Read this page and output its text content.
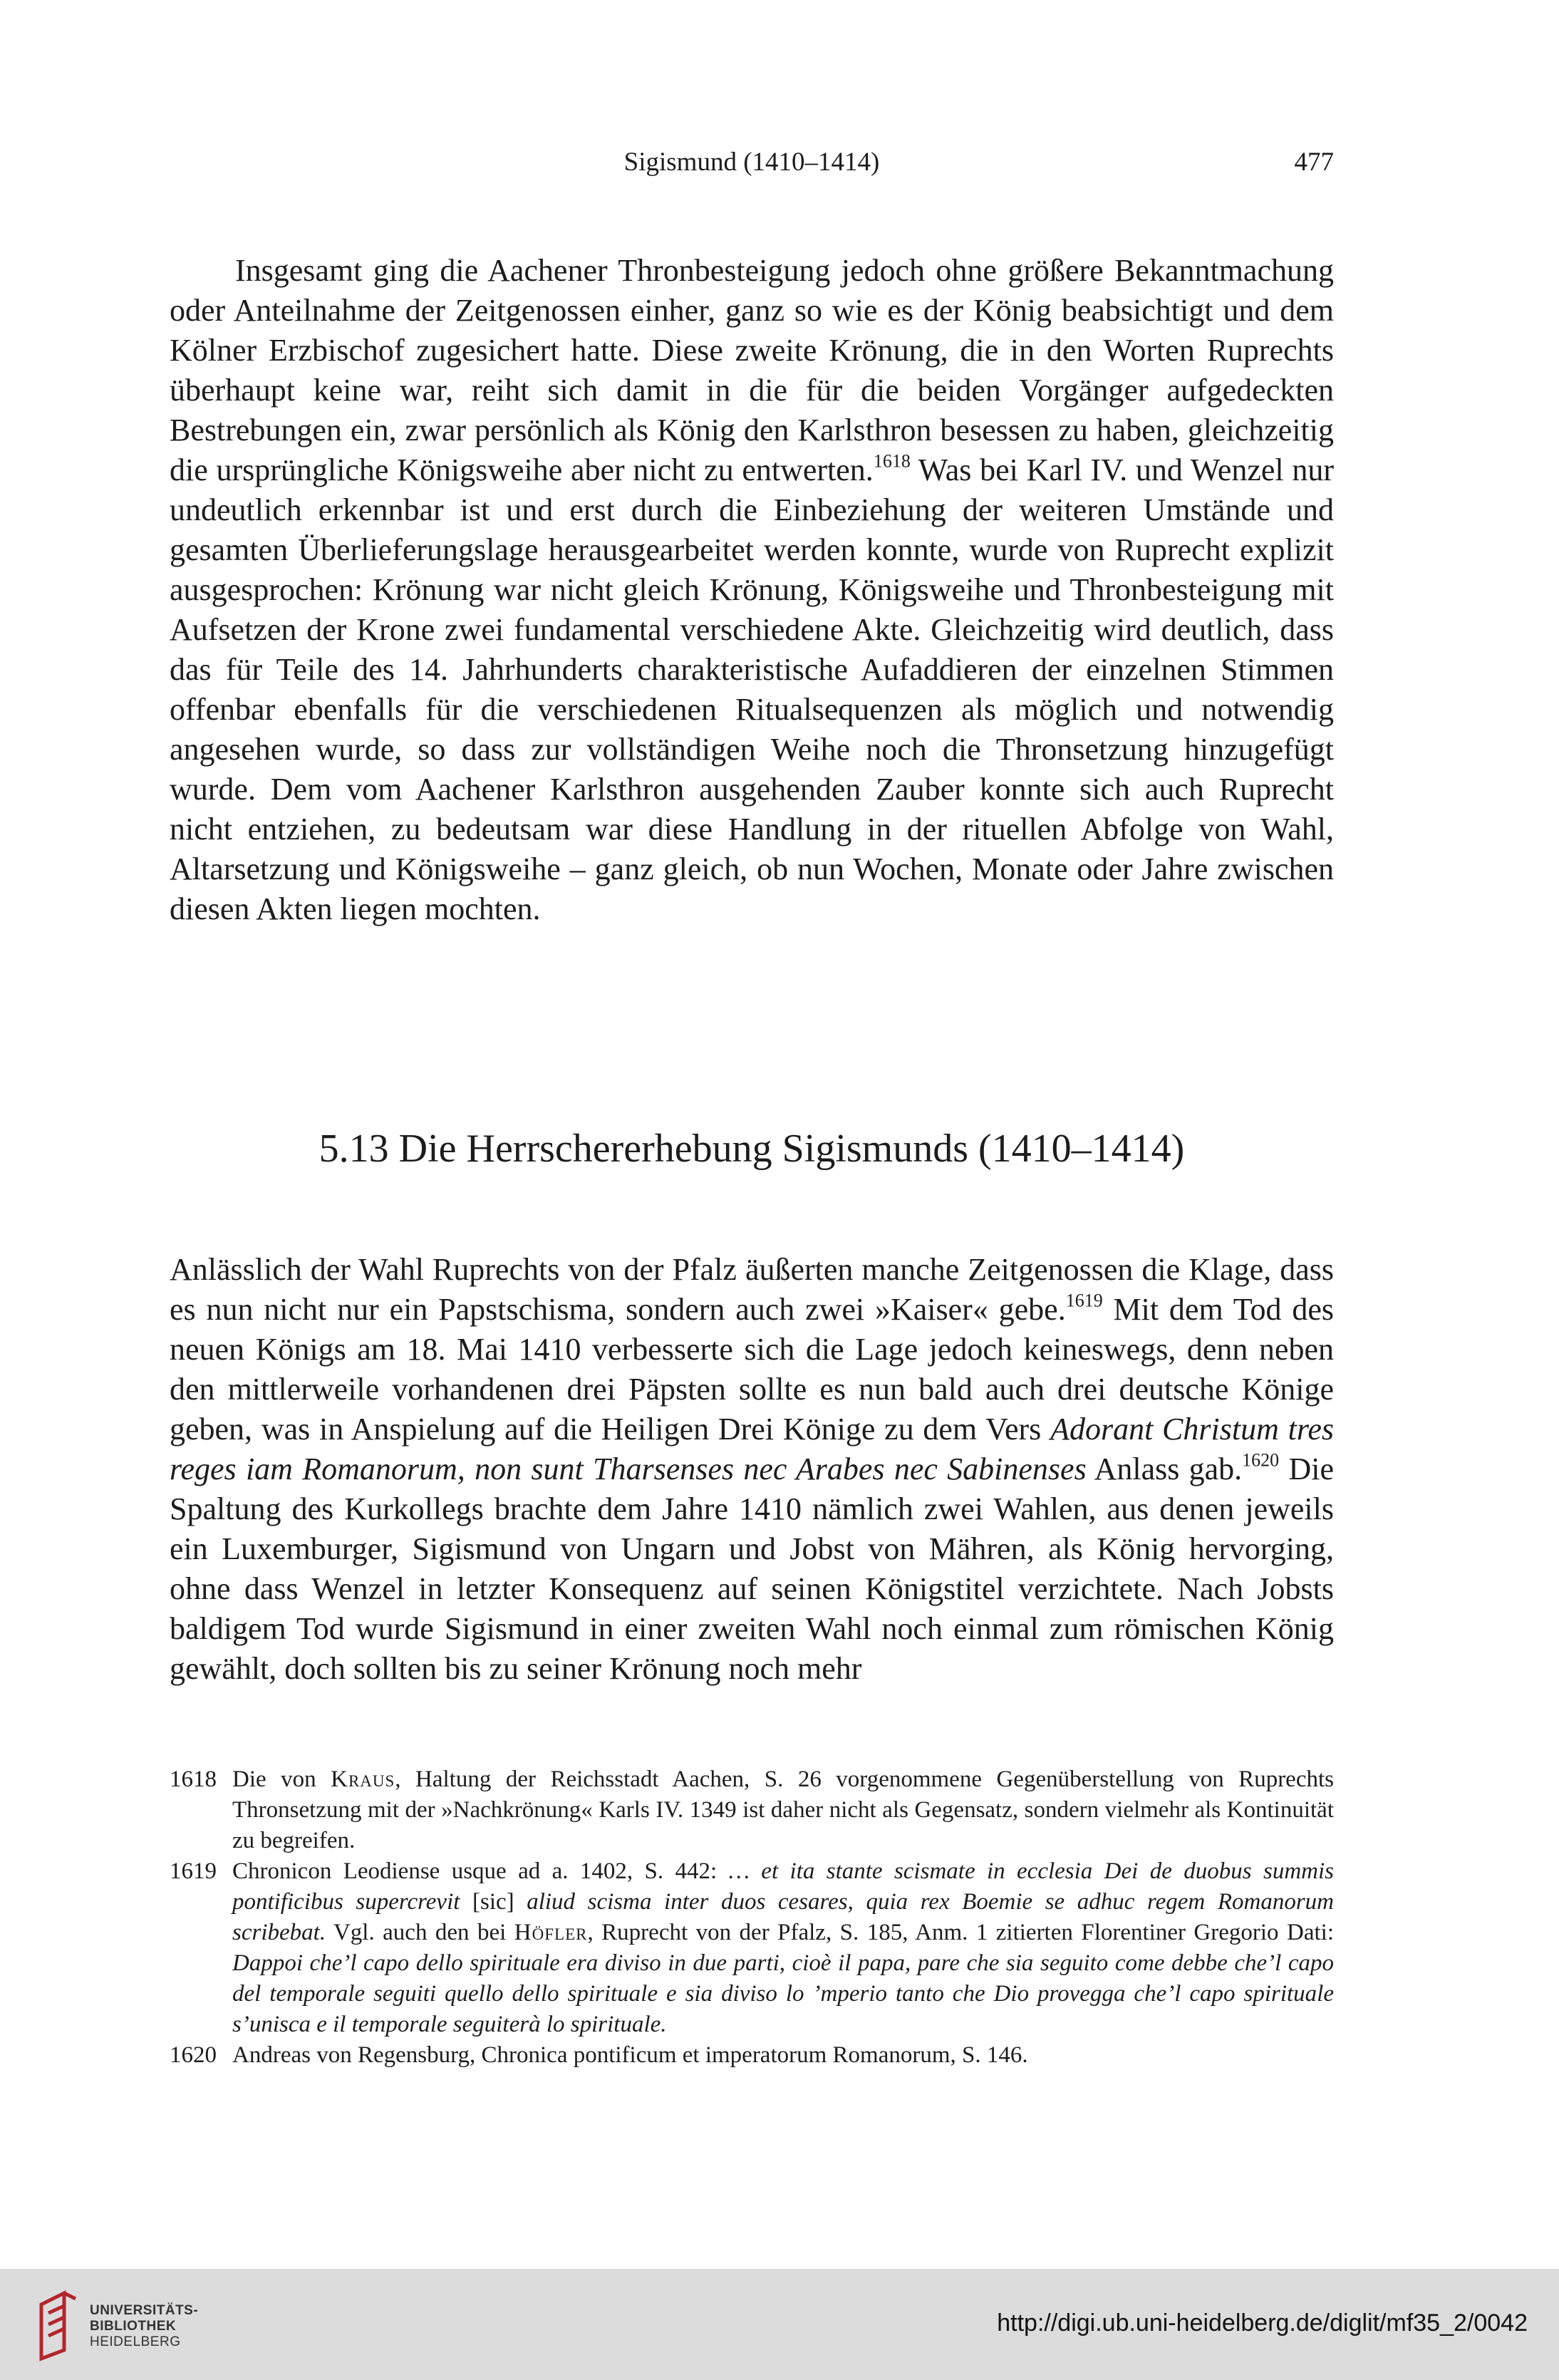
Sigismund (1410–1414)	477

Insgesamt ging die Aachener Thronbesteigung jedoch ohne größere Bekanntmachung oder Anteilnahme der Zeitgenossen einher, ganz so wie es der König beabsichtigt und dem Kölner Erzbischof zugesichert hatte. Diese zweite Krönung, die in den Worten Ruprechts überhaupt keine war, reiht sich damit in die für die beiden Vorgänger aufgedeckten Bestrebungen ein, zwar persönlich als König den Karlsthron besessen zu haben, gleichzeitig die ursprüngliche Königsweihe aber nicht zu entwerten.$^{1618}$ Was bei Karl IV. und Wenzel nur undeutlich erkennbar ist und erst durch die Einbeziehung der weiteren Umstände und gesamten Überlieferungslage herausgearbeitet werden konnte, wurde von Ruprecht explizit ausgesprochen: Krönung war nicht gleich Krönung, Königsweihe und Thronbesteigung mit Aufsetzen der Krone zwei fundamental verschiedene Akte. Gleichzeitig wird deutlich, dass das für Teile des 14. Jahrhunderts charakteristische Aufaddieren der einzelnen Stimmen offenbar ebenfalls für die verschiedenen Ritualsequenzen als möglich und notwendig angesehen wurde, so dass zur vollständigen Weihe noch die Thronsetzung hinzugefügt wurde. Dem vom Aachener Karlsthron ausgehenden Zauber konnte sich auch Ruprecht nicht entziehen, zu bedeutsam war diese Handlung in der rituellen Abfolge von Wahl, Altarsetzung und Königsweihe – ganz gleich, ob nun Wochen, Monate oder Jahre zwischen diesen Akten liegen mochten.

5.13 Die Herrschererhebung Sigismunds (1410–1414)

Anlässlich der Wahl Ruprechts von der Pfalz äußerten manche Zeitgenossen die Klage, dass es nun nicht nur ein Papstschisma, sondern auch zwei »Kaiser« gebe.$^{1619}$ Mit dem Tod des neuen Königs am 18. Mai 1410 verbesserte sich die Lage jedoch keineswegs, denn neben den mittlerweile vorhandenen drei Päpsten sollte es nun bald auch drei deutsche Könige geben, was in Anspielung auf die Heiligen Drei Könige zu dem Vers Adorant Christum tres reges iam Romanorum, non sunt Tharsenses nec Arabes nec Sabinenses Anlass gab.$^{1620}$ Die Spaltung des Kurkollegs brachte dem Jahre 1410 nämlich zwei Wahlen, aus denen jeweils ein Luxemburger, Sigismund von Ungarn und Jobst von Mähren, als König hervorging, ohne dass Wenzel in letzter Konsequenz auf seinen Königstitel verzichtete. Nach Jobsts baldigem Tod wurde Sigismund in einer zweiten Wahl noch einmal zum römischen König gewählt, doch sollten bis zu seiner Krönung noch mehr

1618 Die von Kraus, Haltung der Reichsstadt Aachen, S. 26 vorgenommene Gegenüberstellung von Ruprechts Thronsetzung mit der »Nachkrönung« Karls IV. 1349 ist daher nicht als Gegensatz, sondern vielmehr als Kontinuität zu begreifen.
1619 Chronicon Leodiense usque ad a. 1402, S. 442: … et ita stante scismate in ecclesia Dei de duobus summis pontificibus supercrevit [sic] aliud scisma inter duos cesares, quia rex Boemie se adhuc regem Romanorum scribebat. Vgl. auch den bei Höfler, Ruprecht von der Pfalz, S. 185, Anm. 1 zitierten Florentiner Gregorio Dati: Dappoi che’l capo dello spirituale era diviso in due parti, cioè il papa, pare che sia seguito come debbe che’l capo del temporale seguiti quello dello spirituale e sia diviso lo ’mperio tanto che Dio provegga che’l capo spirituale s’unisca e il temporale seguiterà lo spirituale.
1620 Andreas von Regensburg, Chronica pontificum et imperatorum Romanorum, S. 146.
UNIVERSITÄTS-
BIBLIOTHEK
HEIDELBERG
http://digi.ub.uni-heidelberg.de/diglit/mf35_2/0042
